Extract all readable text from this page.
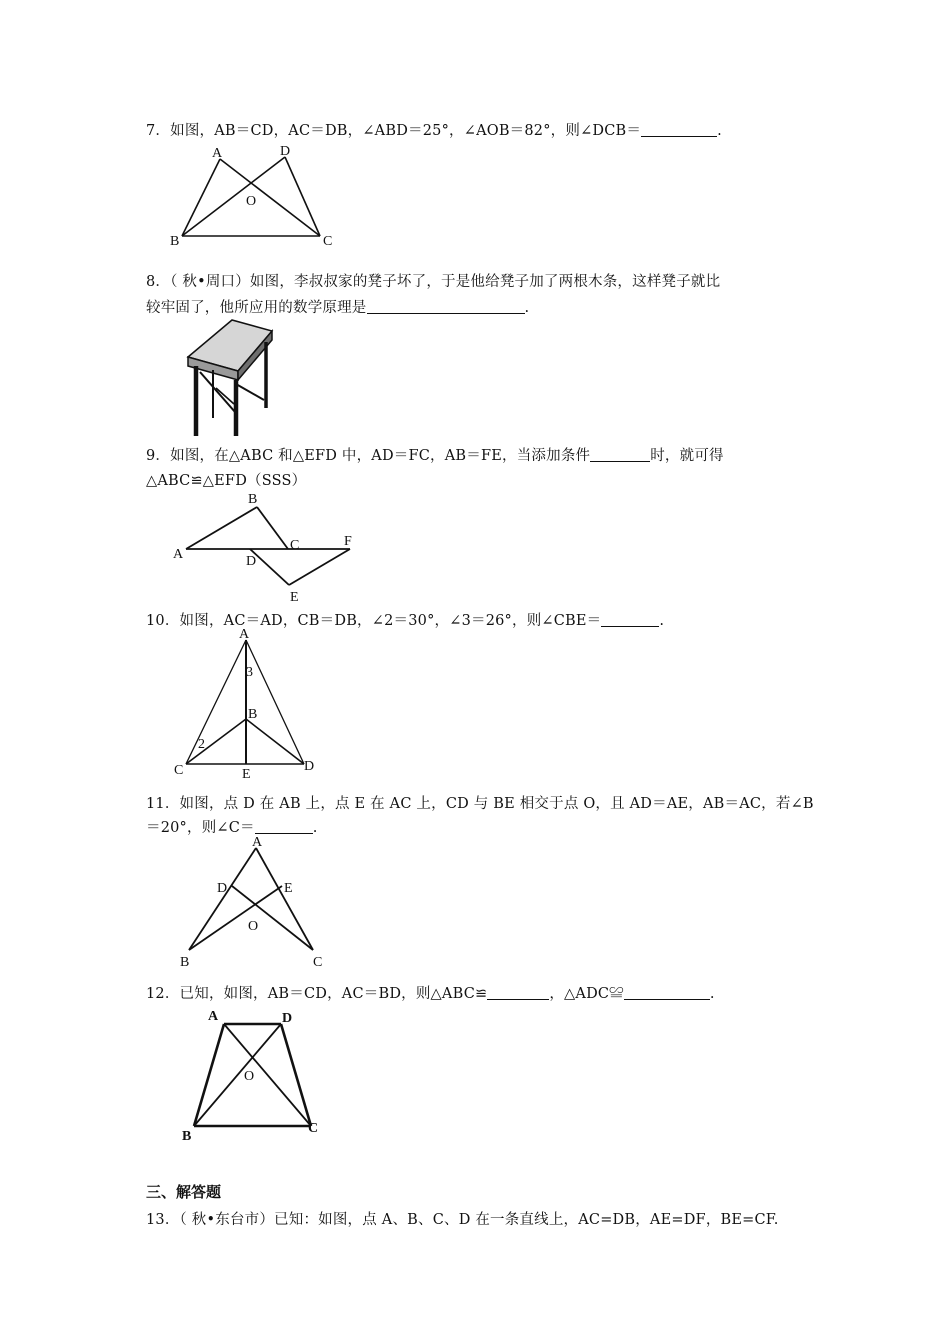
7．如图，AB＝CD，AC＝DB，∠ABD＝25°，∠AOB＝82°，则∠DCB＝	.
A	D
O
B	C
8．（ 秋•周口）如图，李叔叔家的凳子坏了，于是他给凳子加了两根木条，这样凳子就比
较牢固了，他所应用的数学原理是	.
9．如图，在△ABC 和△EFD 中，AD＝FC，AB＝FE，当添加条件	时，就可得
△ABC≌△EFD（SSS）
A
B
C
D
E
F
10．如图，AC＝AD，CB＝DB，∠2＝30°，∠3＝26°，则∠CBE＝	.
A
3
B
2
C	E
D
11．如图，点 D 在 AB 上，点 E 在 AC 上，CD 与 BE 相交于点 O，且 AD＝AE，AB＝AC，若∠B
＝20°，则∠C＝	.
A
D	E
O
B	C
12．已知，如图，AB＝CD，AC＝BD，则△ABC≌	，△ADC≌	.
A	D
O
B
C
三、解答题
13．（ 秋•东台市）已知：如图，点 A、B、C、D 在一条直线上，AC=DB，AE=DF，BE=CF.
